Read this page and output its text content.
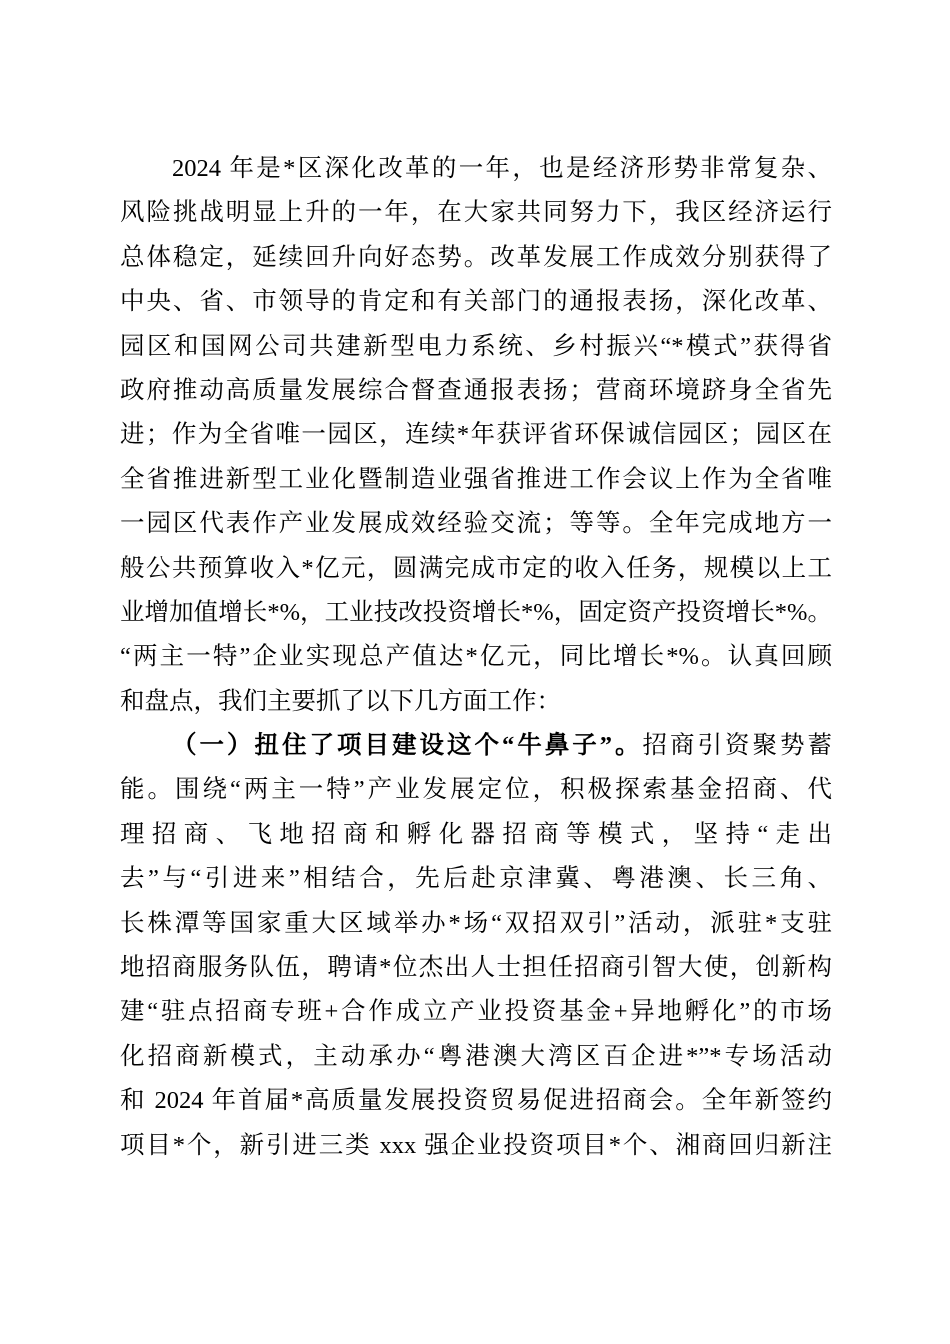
2024 年是*区深化改革的一年，也是经济形势非常复杂、
风险挑战明显上升的一年，在大家共同努力下，我区经济运行
总体稳定，延续回升向好态势。改革发展工作成效分别获得了
中央、省、市领导的肯定和有关部门的通报表扬，深化改革、
园区和国网公司共建新型电力系统、乡村振兴“*模式”获得省
政府推动高质量发展综合督查通报表扬；营商环境跻身全省先
进；作为全省唯一园区，连续*年获评省环保诚信园区；园区在
全省推进新型工业化暨制造业强省推进工作会议上作为全省唯
一园区代表作产业发展成效经验交流；等等。全年完成地方一
般公共预算收入*亿元，圆满完成市定的收入任务，规模以上工
业增加值增长*%，工业技改投资增长*%，固定资产投资增长*%。
“两主一特”企业实现总产值达*亿元，同比增长*%。认真回顾
和盘点，我们主要抓了以下几方面工作：
（一）扭住了项目建设这个“牛鼻子”。招商引资聚势蓄
能。围绕“两主一特”产业发展定位，积极探索基金招商、代
理招商、飞地招商和孵化器招商等模式，坚持“走出
去”与“引进来”相结合，先后赴京津冀、粤港澳、长三角、
长株潭等国家重大区域举办*场“双招双引”活动，派驻*支驻
地招商服务队伍，聘请*位杰出人士担任招商引智大使，创新构
建“驻点招商专班+合作成立产业投资基金+异地孵化”的市场
化招商新模式，主动承办“粤港澳大湾区百企进*”*专场活动
和 2024 年首届*高质量发展投资贸易促进招商会。全年新签约
项目*个，新引进三类 xxx 强企业投资项目*个、湘商回归新注
